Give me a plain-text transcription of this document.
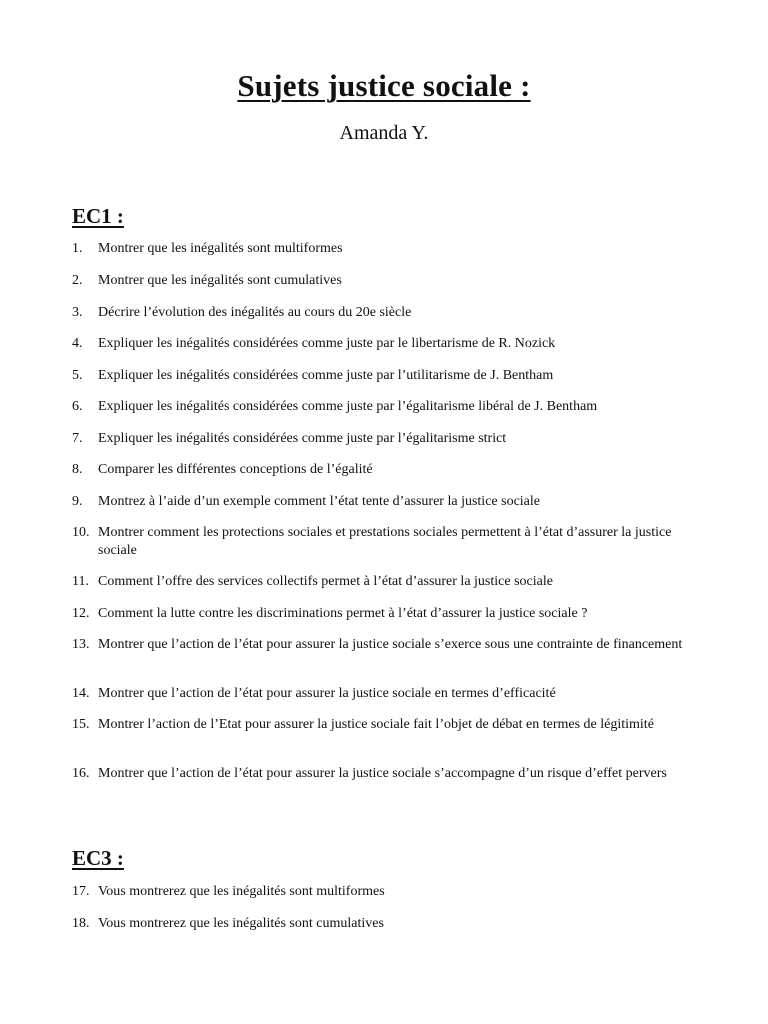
Sujets justice sociale :
Amanda Y.
EC1 :
1. Montrer que les inégalités sont multiformes
2. Montrer que les inégalités sont cumulatives
3. Décrire l’évolution des inégalités au cours du 20e siècle
4. Expliquer les inégalités considérées comme juste par le libertarisme de R. Nozick
5. Expliquer les inégalités considérées comme juste par l’utilitarisme de J. Bentham
6. Expliquer les inégalités considérées comme juste par l’égalitarisme libéral de J. Bentham
7. Expliquer les inégalités considérées comme juste par l’égalitarisme strict
8. Comparer les différentes conceptions de l’égalité
9. Montrez à l’aide d’un exemple comment l’état tente d’assurer la justice sociale
10. Montrer comment les protections sociales et prestations sociales permettent à l’état d’assurer la justice sociale
11. Comment l’offre des services collectifs permet à l’état d’assurer la justice sociale
12. Comment la lutte contre les discriminations permet à l’état d’assurer la justice sociale ?
13. Montrer que l’action de l’état pour assurer la justice sociale s’exerce sous une contrainte de financement
14. Montrer que l’action de l’état pour assurer la justice sociale en termes d’efficacité
15. Montrer l’action de l’Etat pour assurer la justice sociale fait l’objet de débat en termes de légitimité
16. Montrer que l’action de l’état pour assurer la justice sociale s’accompagne d’un risque d’effet pervers
EC3 :
17. Vous montrerez que les inégalités sont multiformes
18. Vous montrerez que les inégalités sont cumulatives
